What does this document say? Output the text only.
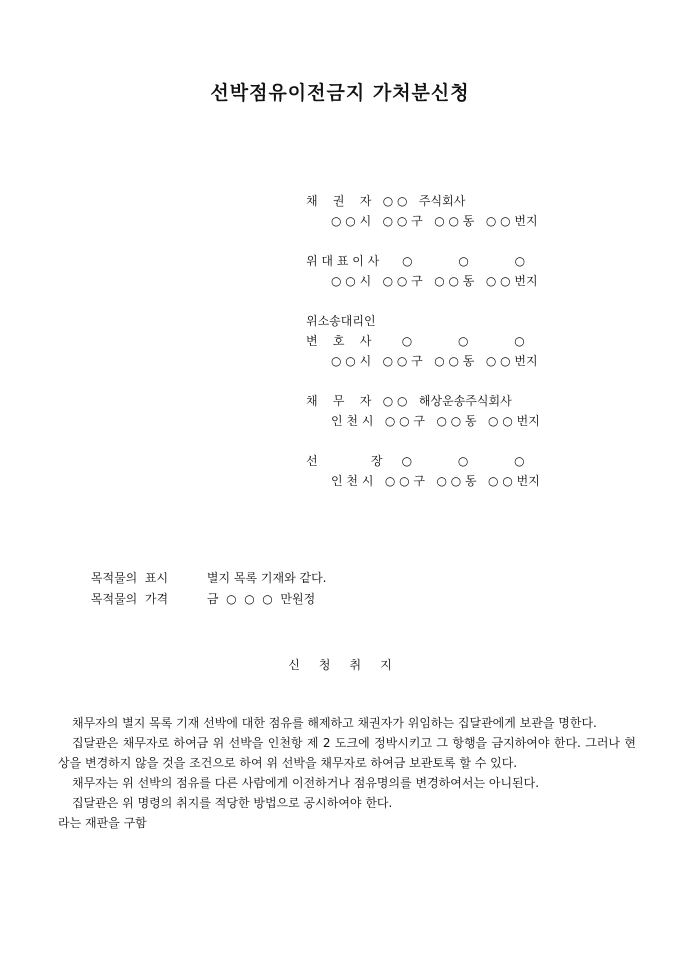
선박점유이전금지 가처분신청
채    권    자   ○ ○   주식회사
○ ○ 시   ○ ○ 구   ○ ○ 동   ○ ○ 번지
위 대 표 이 사      ○            ○            ○
○ ○ 시   ○ ○ 구   ○ ○ 동   ○ ○ 번지
위소송대리인
변    호    사        ○            ○            ○
○ ○ 시   ○ ○ 구   ○ ○ 동   ○ ○ 번지
채    무    자   ○ ○   해상운송주식회사
인 천 시   ○ ○ 구   ○ ○ 동   ○ ○ 번지
선              장     ○            ○            ○
인 천 시   ○ ○ 구   ○ ○ 동   ○ ○ 번지

목적물의  표시	별지 목록 기재와 같다.

목적물의  가격	금  ○  ○  ○  만원정

신     청     취     지

채무자의 별지 목록 기재 선박에 대한 점유를 해제하고 채권자가 위임하는 집달관에게 보관을 명한다.

집달관은 채무자로 하여금 위 선박을 인천항 제 2 도크에 정박시키고 그 항행을 금지하여야 한다. 그러나 현상을 변경하지 않을 것을 조건으로 하여 위 선박을 채무자로 하여금 보관토록 할 수 있다.

채무자는 위 선박의 점유를 다른 사람에게 이전하거나 점유명의를 변경하여서는 아니된다.

집달관은 위 명령의 취지를 적당한 방법으로 공시하여야 한다.

라는 재판을 구함
